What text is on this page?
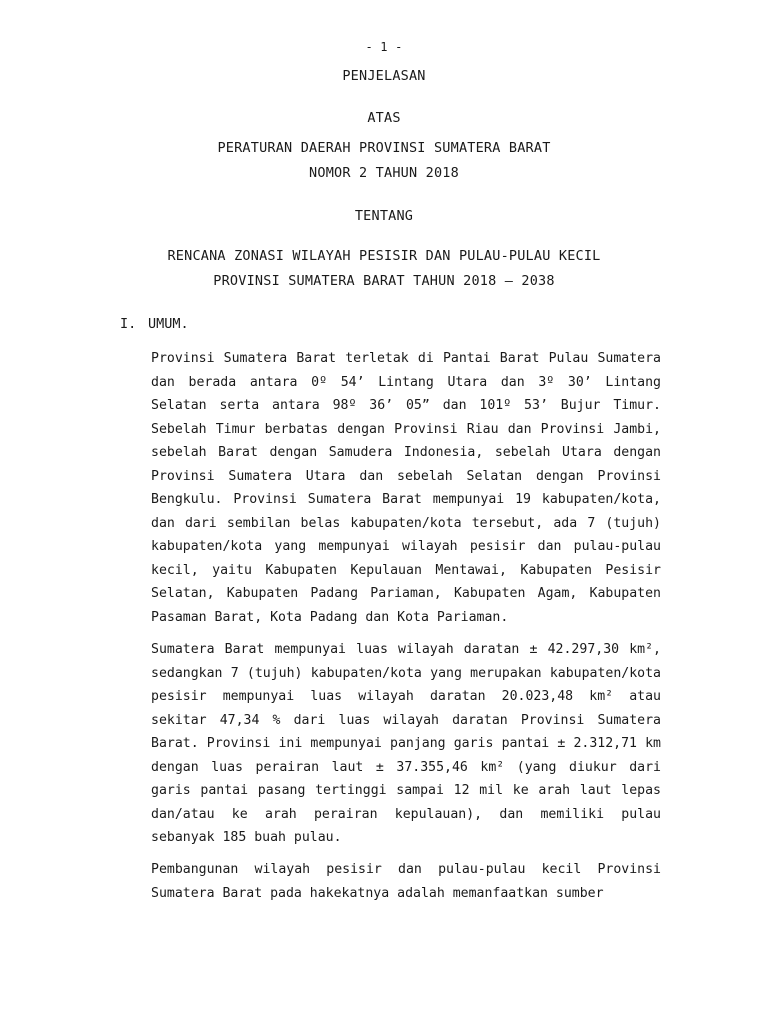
- 1 -
PENJELASAN
ATAS
PERATURAN DAERAH PROVINSI SUMATERA BARAT
NOMOR 2 TAHUN 2018
TENTANG
RENCANA ZONASI WILAYAH PESISIR DAN PULAU-PULAU KECIL
PROVINSI SUMATERA BARAT TAHUN 2018 – 2038
I. UMUM.

Provinsi Sumatera Barat terletak di Pantai Barat Pulau Sumatera dan berada antara 0º 54’ Lintang Utara dan 3º 30’ Lintang Selatan serta antara 98º 36’ 05” dan 101º 53’ Bujur Timur. Sebelah Timur berbatas dengan Provinsi Riau dan Provinsi Jambi, sebelah Barat dengan Samudera Indonesia, sebelah Utara dengan Provinsi Sumatera Utara dan sebelah Selatan dengan Provinsi Bengkulu. Provinsi Sumatera Barat mempunyai 19 kabupaten/kota, dan dari sembilan belas kabupaten/kota tersebut, ada 7 (tujuh) kabupaten/kota yang mempunyai wilayah pesisir dan pulau-pulau kecil, yaitu Kabupaten Kepulauan Mentawai, Kabupaten Pesisir Selatan, Kabupaten Padang Pariaman, Kabupaten Agam, Kabupaten Pasaman Barat, Kota Padang dan Kota Pariaman.

Sumatera Barat mempunyai luas wilayah daratan ± 42.297,30 km², sedangkan 7 (tujuh) kabupaten/kota yang merupakan kabupaten/kota pesisir mempunyai luas wilayah daratan 20.023,48 km² atau sekitar 47,34 % dari luas wilayah daratan Provinsi Sumatera Barat. Provinsi ini mempunyai panjang garis pantai ± 2.312,71 km dengan luas perairan laut ± 37.355,46 km² (yang diukur dari garis pantai pasang tertinggi sampai 12 mil ke arah laut lepas dan/atau ke arah perairan kepulauan), dan memiliki pulau sebanyak 185 buah pulau.

Pembangunan wilayah pesisir dan pulau-pulau kecil Provinsi Sumatera Barat pada hakekatnya adalah memanfaatkan sumber
